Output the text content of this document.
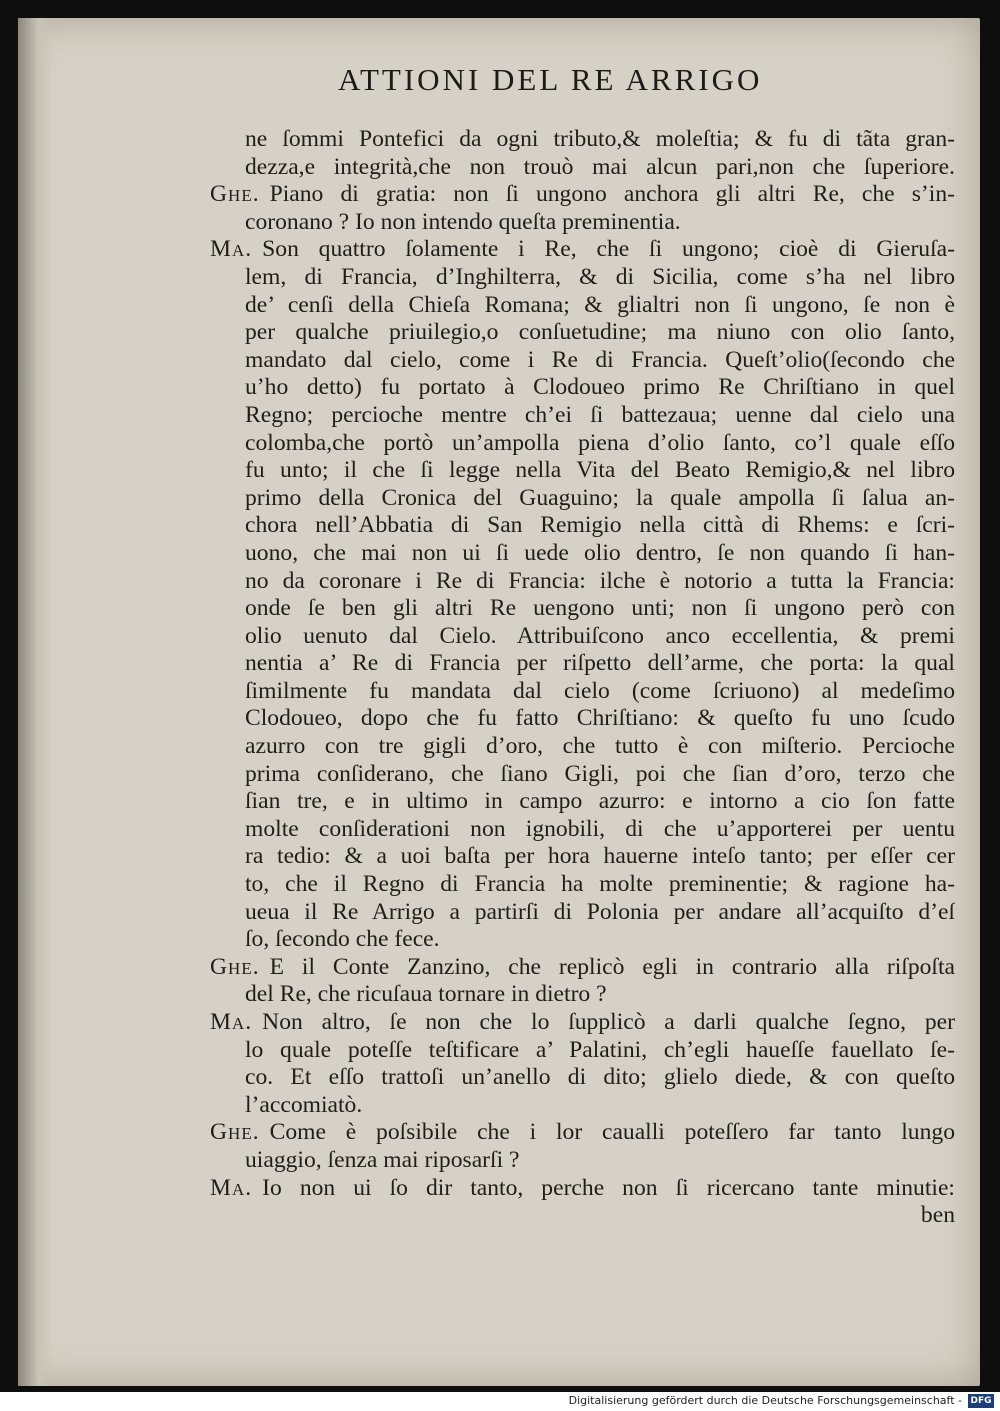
ATTIONI DEL RE ARRIGO
ne ſommi Pontefici da ogni tributo,& moleſtia; & fu di tãta gran-
dezza,e integrità,che non trouò mai alcun pari,non che ſuperiore.
Ghe. Piano di gratia: non ſi ungono anchora gli altri Re, che s’in-
coronano ? Io non intendo queſta preminentia.
Ma. Son quattro ſolamente i Re, che ſi ungono; cioè di Gieruſa-
lem, di Francia, d’Inghilterra, & di Sicilia, come s’ha nel libro
de’ cenſi della Chieſa Romana; & glialtri non ſi ungono, ſe non è
per qualche priuilegio,o conſuetudine; ma niuno con olio ſanto,
mandato dal cielo, come i Re di Francia. Queſt’olio(ſecondo che
u’ho detto) fu portato à Clodoueo primo Re Chriſtiano in quel
Regno; percioche mentre ch’ei ſi battezaua; uenne dal cielo una
colomba,che portò un’ampolla piena d’olio ſanto, co’l quale eſſo
fu unto; il che ſi legge nella Vita del Beato Remigio,& nel libro
primo della Cronica del Guaguino; la quale ampolla ſi ſalua an-
chora nell’Abbatia di San Remigio nella città di Rhems: e ſcri-
uono, che mai non ui ſi uede olio dentro, ſe non quando ſi han-
no da coronare i Re di Francia: ilche è notorio a tutta la Francia:
onde ſe ben gli altri Re uengono unti; non ſi ungono però con
olio uenuto dal Cielo. Attribuiſcono anco eccellentia, & premi
nentia a’ Re di Francia per riſpetto dell’arme, che porta: la qual
ſimilmente fu mandata dal cielo (come ſcriuono) al medeſimo
Clodoueo, dopo che fu fatto Chriſtiano: & queſto fu uno ſcudo
azurro con tre gigli d’oro, che tutto è con miſterio. Percioche
prima conſiderano, che ſiano Gigli, poi che ſian d’oro, terzo che
ſian tre, e in ultimo in campo azurro: e intorno a cio ſon fatte
molte conſiderationi non ignobili, di che u’apporterei per uentu
ra tedio: & a uoi baſta per hora hauerne inteſo tanto; per eſſer cer
to, che il Regno di Francia ha molte preminentie; & ragione ha-
ueua il Re Arrigo a partirſi di Polonia per andare all’acquiſto d’eſ
ſo, ſecondo che fece.
Ghe. E il Conte Zanzino, che replicò egli in contrario alla riſpoſta
del Re, che ricuſaua tornare in dietro ?
Ma. Non altro, ſe non che lo ſupplicò a darli qualche ſegno, per
lo quale poteſſe teſtificare a’ Palatini, ch’egli haueſſe fauellato ſe-
co. Et eſſo trattoſi un’anello di dito; glielo diede, & con queſto
l’accomiatò.
Ghe. Come è poſsibile che i lor caualli poteſſero far tanto lungo
uiaggio, ſenza mai riposarſi ?
Ma. Io non ui ſo dir tanto, perche non ſi ricercano tante minutie:
ben
Digitalisierung gefördert durch die Deutsche Forschungsgemeinschaft - DFG
